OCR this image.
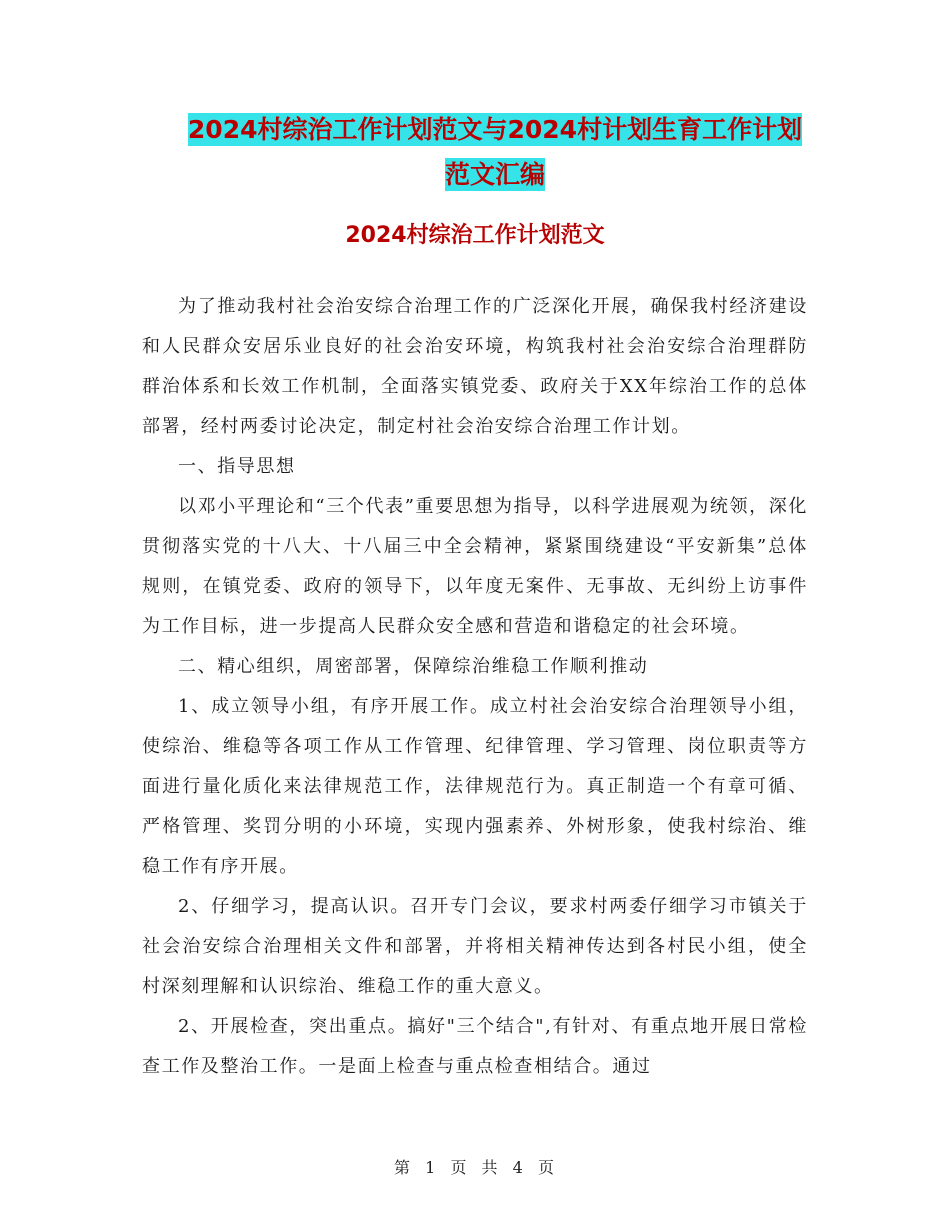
2024村综治工作计划范文与2024村计划生育工作计划
范文汇编
2024村综治工作计划范文

为了推动我村社会治安综合治理工作的广泛深化开展，确保我村经济建设和人民群众安居乐业良好的社会治安环境，构筑我村社会治安综合治理群防群治体系和长效工作机制，全面落实镇党委、政府关于XX年综治工作的总体部署，经村两委讨论决定，制定村社会治安综合治理工作计划。

一、指导思想

以邓小平理论和“三个代表”重要思想为指导，以科学进展观为统领，深化贯彻落实党的十八大、十八届三中全会精神，紧紧围绕建设“平安新集”总体规则，在镇党委、政府的领导下，以年度无案件、无事故、无纠纷上访事件为工作目标，进一步提高人民群众安全感和营造和谐稳定的社会环境。

二、精心组织，周密部署，保障综治维稳工作顺利推动

1、成立领导小组，有序开展工作。成立村社会治安综合治理领导小组，使综治、维稳等各项工作从工作管理、纪律管理、学习管理、岗位职责等方面进行量化质化来法律规范工作，法律规范行为。真正制造一个有章可循、严格管理、奖罚分明的小环境，实现内强素养、外树形象，使我村综治、维稳工作有序开展。

2、仔细学习，提高认识。召开专门会议，要求村两委仔细学习市镇关于社会治安综合治理相关文件和部署，并将相关精神传达到各村民小组，使全村深刻理解和认识综治、维稳工作的重大意义。

2、开展检查，突出重点。搞好"三个结合",有针对、有重点地开展日常检查工作及整治工作。一是面上检查与重点检查相结合。通过

第 1 页 共 4 页
